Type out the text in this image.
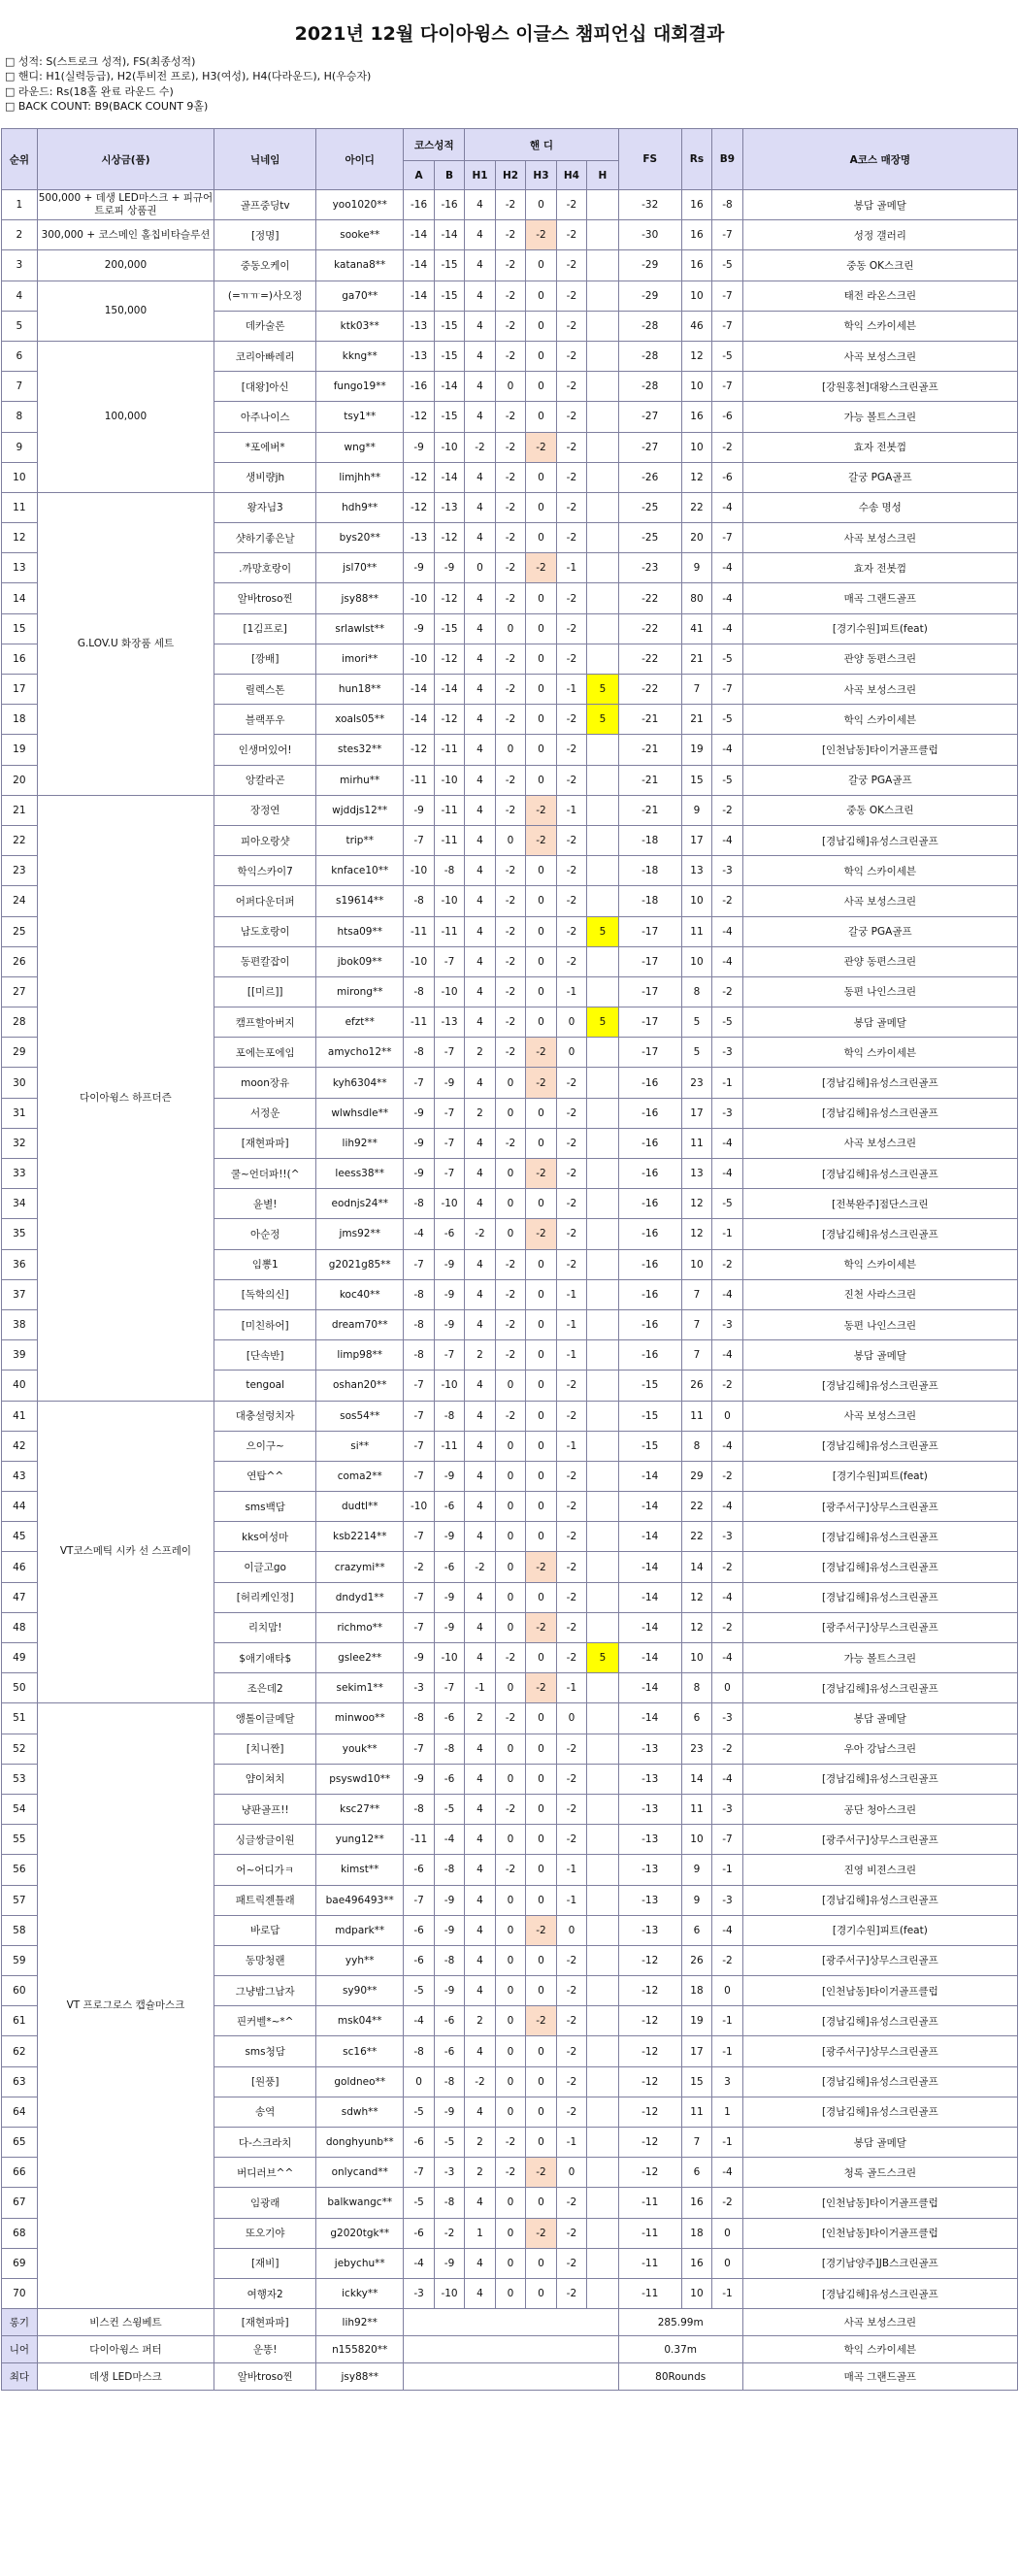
2021년 12월 다이아윙스 이글스 챔피언십 대회결과
□ 성적: S(스트로크 성적), FS(최종성적)
□ 핸디: H1(실력등급), H2(투비전 프로), H3(여성), H4(다라운드), H(우승자)
□ 라운드: Rs(18홀 완료 라운드 수)
□ BACK COUNT: B9(BACK COUNT 9홀)
순위	시상금(품)	닉네임	아이디	코스성적		핸 디					FS	Rs	B9	A코스 매장명
				A	B	H1	H2	H3	H4	H				
1	500,000 + 데생 LED마스크 + 피규어 트로피 상품권	골프중딩tv	yoo1020**	-16	-16	4	-2	0	-2		-32	16	-8	봉담 골메달
2	300,000 + 코스메인 홀칩비타슬루션	[정명]	sooke**	-14	-14	4	-2	-2	-2		-30	16	-7	성정 갤러리
3	200,000	중동오케이	katana8**	-14	-15	4	-2	0	-2		-29	16	-5	중동 OK스크린
4	150,000	(=ㅠㅠ=)사오정	ga70**	-14	-15	4	-2	0	-2		-29	10	-7	태전 라온스크린
5		데카술론	ktk03**	-13	-15	4	-2	0	-2		-28	46	-7	학익 스카이세븐
6	100,000	코리아빠레리	kkng**	-13	-15	4	-2	0	-2		-28	12	-5	사곡 보성스크린
7		[대왕]아신	fungo19**	-16	-14	4	0	0	-2		-28	10	-7	[강원홍천]대왕스크린골프
8		아주나이스	tsy1**	-12	-15	4	-2	0	-2		-27	16	-6	가능 볼트스크린
9		*포에버*	wng**	-9	-10	-2	-2	-2	-2		-27	10	-2	효자 전봇껌
10		생비량jh	limjhh**	-12	-14	4	-2	0	-2		-26	12	-6	갈궁 PGA골프
11	G.LOV.U 화장품 세트	왕자님3	hdh9**	-12	-13	4	-2	0	-2		-25	22	-4	수송 명성
12		샷하기좋은날	bys20**	-13	-12	4	-2	0	-2		-25	20	-7	사곡 보성스크린
13		.까망호랑이	jsl70**	-9	-9	0	-2	-2	-1		-23	9	-4	효자 전봇껌
14		알바troso찐	jsy88**	-10	-12	4	-2	0	-2		-22	80	-4	매곡 그랜드골프
15		[1김프로]	srlawlst**	-9	-15	4	0	0	-2		-22	41	-4	[경기수원]피트(feat)
16		[깡배]	imori**	-10	-12	4	-2	0	-2		-22	21	-5	관양 동편스크린
17		릴렉스톤	hun18**	-14	-14	4	-2	0	-1	5	-22	7	-7	사곡 보성스크린
18		블랙푸우	xoals05**	-14	-12	4	-2	0	-2	5	-21	21	-5	학익 스카이세븐
19		인생머있어!	stes32**	-12	-11	4	0	0	-2		-21	19	-4	[인천남동]타이거골프클럽
20		앙칼라곤	mirhu**	-11	-10	4	-2	0	-2		-21	15	-5	갈궁 PGA골프
21	다이아윙스 하프더즌	장정연	wjddjs12**	-9	-11	4	-2	-2	-1		-21	9	-2	중동 OK스크린
22		피아오랑샷	trip**	-7	-11	4	0	-2	-2		-18	17	-4	[경남김해]유성스크린골프
23		학익스카이7	knface10**	-10	-8	4	-2	0	-2		-18	13	-3	학익 스카이세븐
24		어퍼다운더퍼	s19614**	-8	-10	4	-2	0	-2		-18	10	-2	사곡 보성스크린
25		남도호랑이	htsa09**	-11	-11	4	-2	0	-2	5	-17	11	-4	갈궁 PGA골프
26		동편칼잡이	jbok09**	-10	-7	4	-2	0	-2		-17	10	-4	관양 동편스크린
27		[[미르]]	mirong**	-8	-10	4	-2	0	-1		-17	8	-2	동편 나인스크린
28		캠프할아버지	efzt**	-11	-13	4	-2	0	0	5	-17	5	-5	봉담 골메달
29		포에는포에임	amycho12**	-8	-7	2	-2	-2	0		-17	5	-3	학익 스카이세븐
30		moon장유	kyh6304**	-7	-9	4	0	-2	-2		-16	23	-1	[경남김해]유성스크린골프
31		서정운	wlwhsdle**	-9	-7	2	0	0	-2		-16	17	-3	[경남김해]유성스크린골프
32		[재현파파]	lih92**	-9	-7	4	-2	0	-2		-16	11	-4	사곡 보성스크린
33		쿨~언더파!!(^	leess38**	-9	-7	4	0	-2	-2		-16	13	-4	[경남김해]유성스크린골프
34		윤별!	eodnjs24**	-8	-10	4	0	0	-2		-16	12	-5	[전북완주]점단스크린
35		아순정	jms92**	-4	-6	-2	0	-2	-2		-16	12	-1	[경남김해]유성스크린골프
36		임뽕1	g2021g85**	-7	-9	4	-2	0	-2		-16	10	-2	학익 스카이세븐
37		[독학의신]	koc40**	-8	-9	4	-2	0	-1		-16	7	-4	진천 사라스크린
38		[미친하어]	dream70**	-8	-9	4	-2	0	-1		-16	7	-3	동편 나인스크린
39		[단속반]	limp98**	-8	-7	2	-2	0	-1		-16	7	-4	봉담 골메달
40		tengoal	oshan20**	-7	-10	4	0	0	-2		-15	26	-2	[경남김해]유성스크린골프
41	VT코스메틱 시카 선 스프레이	대충설렁치자	sos54**	-7	-8	4	-2	0	-2		-15	11	0	사곡 보성스크린
42		으이구~	si**	-7	-11	4	0	0	-1		-15	8	-4	[경남김해]유성스크린골프
43		연탑^^	coma2**	-7	-9	4	0	0	-2		-14	29	-2	[경기수원]피트(feat)
44		sms백담	dudtl**	-10	-6	4	0	0	-2		-14	22	-4	[광주서구]상무스크린골프
45		kks여성마	ksb2214**	-7	-9	4	0	0	-2		-14	22	-3	[경남김해]유성스크린골프
46		이글고go	crazymi**	-2	-6	-2	0	-2	-2		-14	14	-2	[경남김해]유성스크린골프
47		[허리케인정]	dndyd1**	-7	-9	4	0	0	-2		-14	12	-4	[경남김해]유성스크린골프
48		리치맘!	richmo**	-7	-9	4	0	-2	-2		-14	12	-2	[광주서구]상무스크린골프
49		$애기애타$	gslee2**	-9	-10	4	-2	0	-2	5	-14	10	-4	가능 볼트스크린
50		조은데2	sekim1**	-3	-7	-1	0	-2	-1		-14	8	0	[경남김해]유성스크린골프
51	VT 프로그로스 캡슐마스크	앵톨이글메달	minwoo**	-8	-6	2	-2	0	0		-14	6	-3	봉담 골메달
52		[치니짠]	youk**	-7	-8	4	0	0	-2		-13	23	-2	우아 강남스크린
53		얌이쳐치	psyswd10**	-9	-6	4	0	0	-2		-13	14	-4	[경남김해]유성스크린골프
54		냥판골프!!	ksc27**	-8	-5	4	-2	0	-2		-13	11	-3	공단 청아스크린
55		싱글쌍글이원	yung12**	-11	-4	4	0	0	-2		-13	10	-7	[광주서구]상무스크린골프
56		어~어디가ㅋ	kimst**	-6	-8	4	-2	0	-1		-13	9	-1	진영 비젼스크린
57		패트릭젠틀래	bae496493**	-7	-9	4	0	0	-1		-13	9	-3	[경남김해]유성스크린골프
58		바로담	mdpark**	-6	-9	4	0	-2	0		-13	6	-4	[경기수원]피트(feat)
59		동망청랜	yyh**	-6	-8	4	0	0	-2		-12	26	-2	[광주서구]상무스크린골프
60		그냥밤그남자	sy90**	-5	-9	4	0	0	-2		-12	18	0	[인천남동]타이거골프클럽
61		핀커벨*~*^	msk04**	-4	-6	2	0	-2	-2		-12	19	-1	[경남김해]유성스크린골프
62		sms청담	sc16**	-8	-6	4	0	0	-2		-12	17	-1	[광주서구]상무스크린골프
63		[원풍]	goldneo**	0	-8	-2	0	0	-2		-12	15	3	[경남김해]유성스크린골프
64		송역	sdwh**	-5	-9	4	0	0	-2		-12	11	1	[경남김해]유성스크린골프
65		다-스크라치	donghyunb**	-6	-5	2	-2	0	-1		-12	7	-1	봉담 골메달
66		버디러브^^	onlycand**	-7	-3	2	-2	-2	0		-12	6	-4	청록 골드스크린
67		임광래	balkwangc**	-5	-8	4	0	0	-2		-11	16	-2	[인천남동]타이거골프클럽
68		또오기야	g2020tgk**	-6	-2	1	0	-2	-2		-11	18	0	[인천남동]타이거골프클럽
69		[재비]	jebychu**	-4	-9	4	0	0	-2		-11	16	0	[경기남양주]JB스크린골프
70		여행자2	ickky**	-3	-10	4	0	0	-2		-11	10	-1	[경남김해]유성스크린골프
롱기	비스컨 스윙베트	[재현파파]	lih92**								285.99m			사곡 보성스크린
니어	다이아윙스 퍼터	운똥!	n155820**								0.37m			학익 스카이세븐
최다	데생 LED마스크	알바troso찐	jsy88**								80Rounds			매곡 그랜드골프
